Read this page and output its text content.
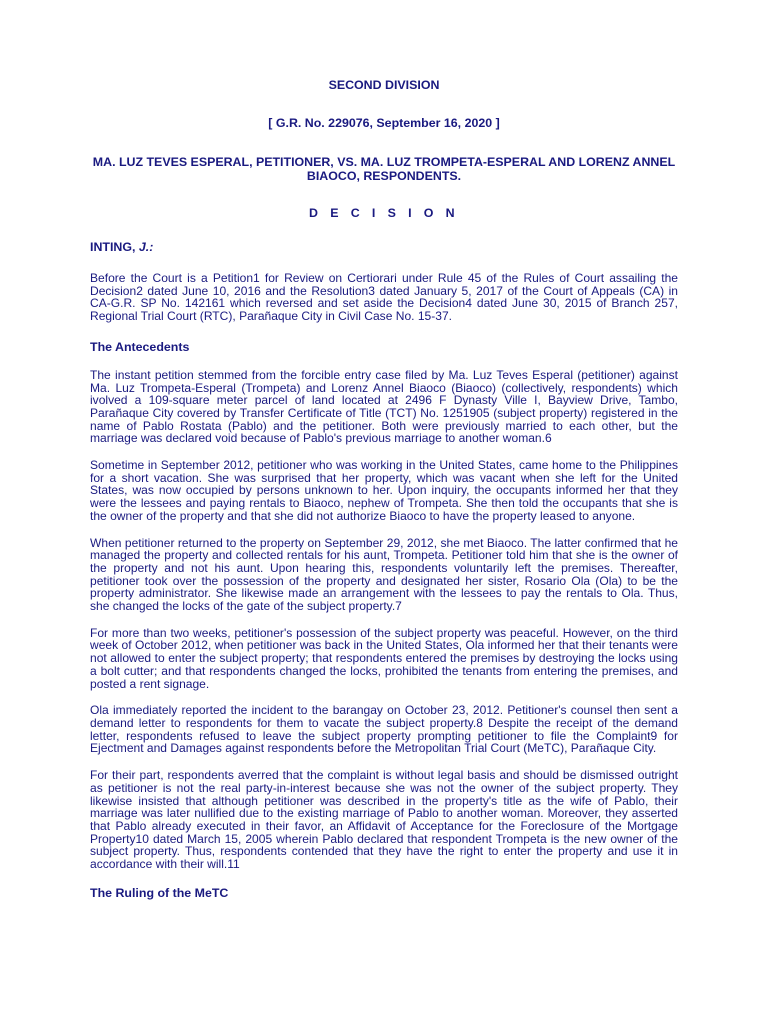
SECOND DIVISION

[ G.R. No. 229076, September 16, 2020 ]

MA. LUZ TEVES ESPERAL, PETITIONER, VS. MA. LUZ TROMPETA-ESPERAL AND LORENZ ANNEL BIAOCO, RESPONDENTS.

D E C I S I O N

INTING, J.:

Before the Court is a Petition1 for Review on Certiorari under Rule 45 of the Rules of Court assailing the Decision2 dated June 10, 2016 and the Resolution3 dated January 5, 2017 of the Court of Appeals (CA) in CA-G.R. SP No. 142161 which reversed and set aside the Decision4 dated June 30, 2015 of Branch 257, Regional Trial Court (RTC), Parañaque City in Civil Case No. 15-37.

The Antecedents

The instant petition stemmed from the forcible entry case filed by Ma. Luz Teves Esperal (petitioner) against Ma. Luz Trompeta-Esperal (Trompeta) and Lorenz Annel Biaoco (Biaoco) (collectively, respondents) which ivolved a 109-square meter parcel of land located at 2496 F Dynasty Ville I, Bayview Drive, Tambo, Parañaque City covered by Transfer Certificate of Title (TCT) No. 1251905 (subject property) registered in the name of Pablo Rostata (Pablo) and the petitioner. Both were previously married to each other, but the marriage was declared void because of Pablo's previous marriage to another woman.6

Sometime in September 2012, petitioner who was working in the United States, came home to the Philippines for a short vacation. She was surprised that her property, which was vacant when she left for the United States, was now occupied by persons unknown to her. Upon inquiry, the occupants informed her that they were the lessees and paying rentals to Biaoco, nephew of Trompeta. She then told the occupants that she is the owner of the property and that she did not authorize Biaoco to have the property leased to anyone.

When petitioner returned to the property on September 29, 2012, she met Biaoco. The latter confirmed that he managed the property and collected rentals for his aunt, Trompeta. Petitioner told him that she is the owner of the property and not his aunt. Upon hearing this, respondents voluntarily left the premises. Thereafter, petitioner took over the possession of the property and designated her sister, Rosario Ola (Ola) to be the property administrator. She likewise made an arrangement with the lessees to pay the rentals to Ola. Thus, she changed the locks of the gate of the subject property.7

For more than two weeks, petitioner's possession of the subject property was peaceful. However, on the third week of October 2012, when petitioner was back in the United States, Ola informed her that their tenants were not allowed to enter the subject property; that respondents entered the premises by destroying the locks using a bolt cutter; and that respondents changed the locks, prohibited the tenants from entering the premises, and posted a rent signage.

Ola immediately reported the incident to the barangay on October 23, 2012. Petitioner's counsel then sent a demand letter to respondents for them to vacate the subject property.8 Despite the receipt of the demand letter, respondents refused to leave the subject property prompting petitioner to file the Complaint9 for Ejectment and Damages against respondents before the Metropolitan Trial Court (MeTC), Parañaque City.

For their part, respondents averred that the complaint is without legal basis and should be dismissed outright as petitioner is not the real party-in-interest because she was not the owner of the subject property. They likewise insisted that although petitioner was described in the property's title as the wife of Pablo, their marriage was later nullified due to the existing marriage of Pablo to another woman. Moreover, they asserted that Pablo already executed in their favor, an Affidavit of Acceptance for the Foreclosure of the Mortgage Property10 dated March 15, 2005 wherein Pablo declared that respondent Trompeta is the new owner of the subject property. Thus, respondents contended that they have the right to enter the property and use it in accordance with their will.11

The Ruling of the MeTC
